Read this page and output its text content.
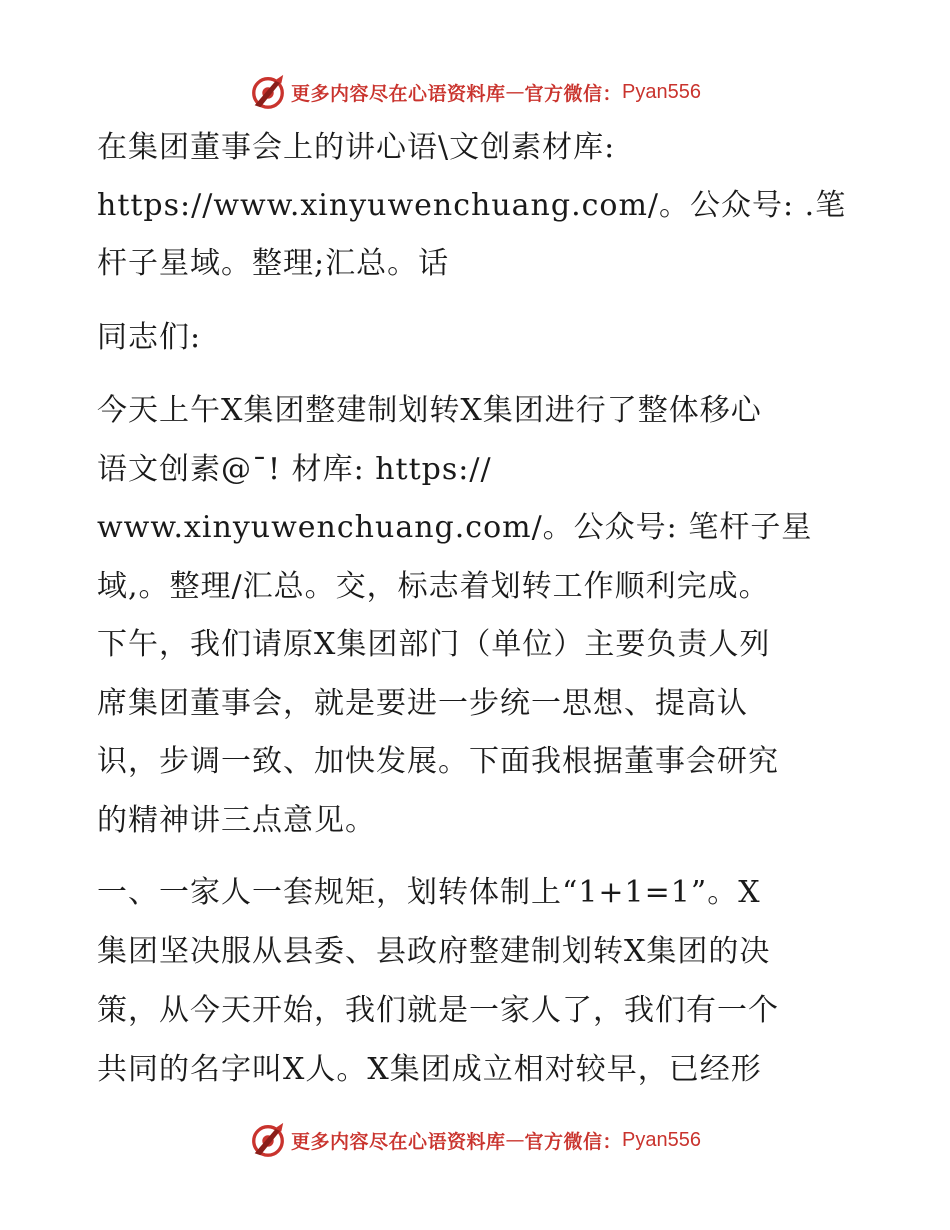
更多内容尽在心语资料库 — 官方微信： Pyan556
在集团董事会上的讲心语\文创素材库:
https://www.xinyuwenchuang.com/。公众号: .笔
杆子星域。整理;汇总。话
同志们:
今天上午X集团整建制划转X集团进行了整体移心
语文创素@¯! 材库: https://
www.xinyuwenchuang.com/。公众号: 笔杆子星
域,。整理/汇总。交，标志着划转工作顺利完成。
下午，我们请原X集团部门（单位）主要负责人列
席集团董事会，就是要进一步统一思想、提高认
识，步调一致、加快发展。下面我根据董事会研究
的精神讲三点意见。
一、一家人一套规矩，划转体制上“1+1=1”。X
集团坚决服从县委、县政府整建制划转X集团的决
策，从今天开始，我们就是一家人了，我们有一个
共同的名字叫X人。X集团成立相对较早，已经形
更多内容尽在心语资料库 — 官方微信： Pyan556
